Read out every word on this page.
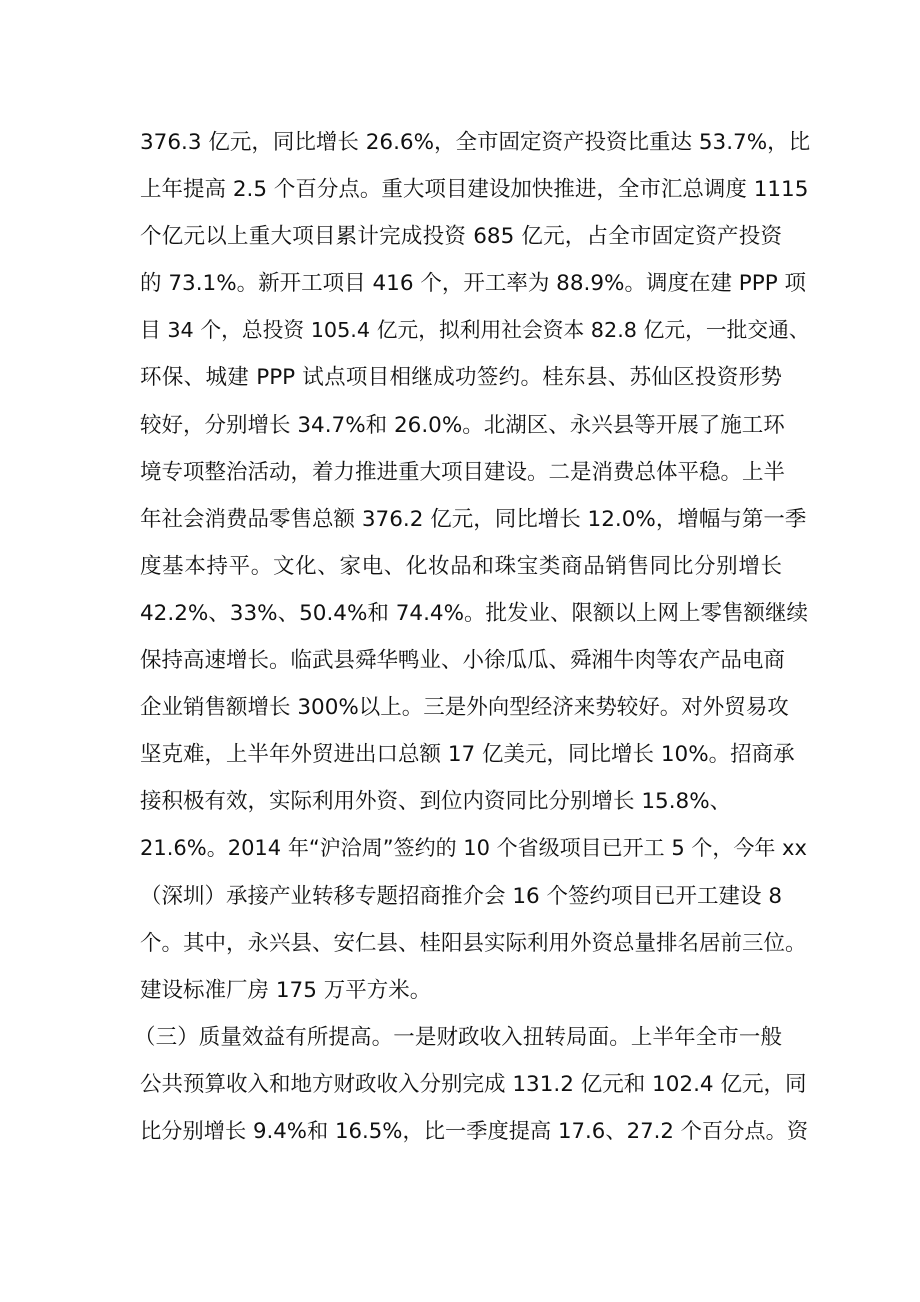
376.3 亿元，同比增长 26.6%，全市固定资产投资比重达 53.7%，比
上年提高 2.5 个百分点。重大项目建设加快推进，全市汇总调度 1115
个亿元以上重大项目累计完成投资 685 亿元，占全市固定资产投资
的 73.1%。新开工项目 416 个，开工率为 88.9%。调度在建 PPP 项
目 34 个，总投资 105.4 亿元，拟利用社会资本 82.8 亿元，一批交通、
环保、城建 PPP 试点项目相继成功签约。桂东县、苏仙区投资形势
较好，分别增长 34.7%和 26.0%。北湖区、永兴县等开展了施工环
境专项整治活动，着力推进重大项目建设。二是消费总体平稳。上半
年社会消费品零售总额 376.2 亿元，同比增长 12.0%，增幅与第一季
度基本持平。文化、家电、化妆品和珠宝类商品销售同比分别增长
42.2%、33%、50.4%和 74.4%。批发业、限额以上网上零售额继续
保持高速增长。临武县舜华鸭业、小徐瓜瓜、舜湘牛肉等农产品电商
企业销售额增长 300%以上。三是外向型经济来势较好。对外贸易攻
坚克难，上半年外贸进出口总额 17 亿美元，同比增长 10%。招商承
接积极有效，实际利用外资、到位内资同比分别增长 15.8%、
21.6%。2014 年“沪洽周”签约的 10 个省级项目已开工 5 个，今年 xx
（深圳）承接产业转移专题招商推介会 16 个签约项目已开工建设 8
个。其中，永兴县、安仁县、桂阳县实际利用外资总量排名居前三位。
建设标准厂房 175 万平方米。
（三）质量效益有所提高。一是财政收入扭转局面。上半年全市一般
公共预算收入和地方财政收入分别完成 131.2 亿元和 102.4 亿元，同
比分别增长 9.4%和 16.5%，比一季度提高 17.6、27.2 个百分点。资
